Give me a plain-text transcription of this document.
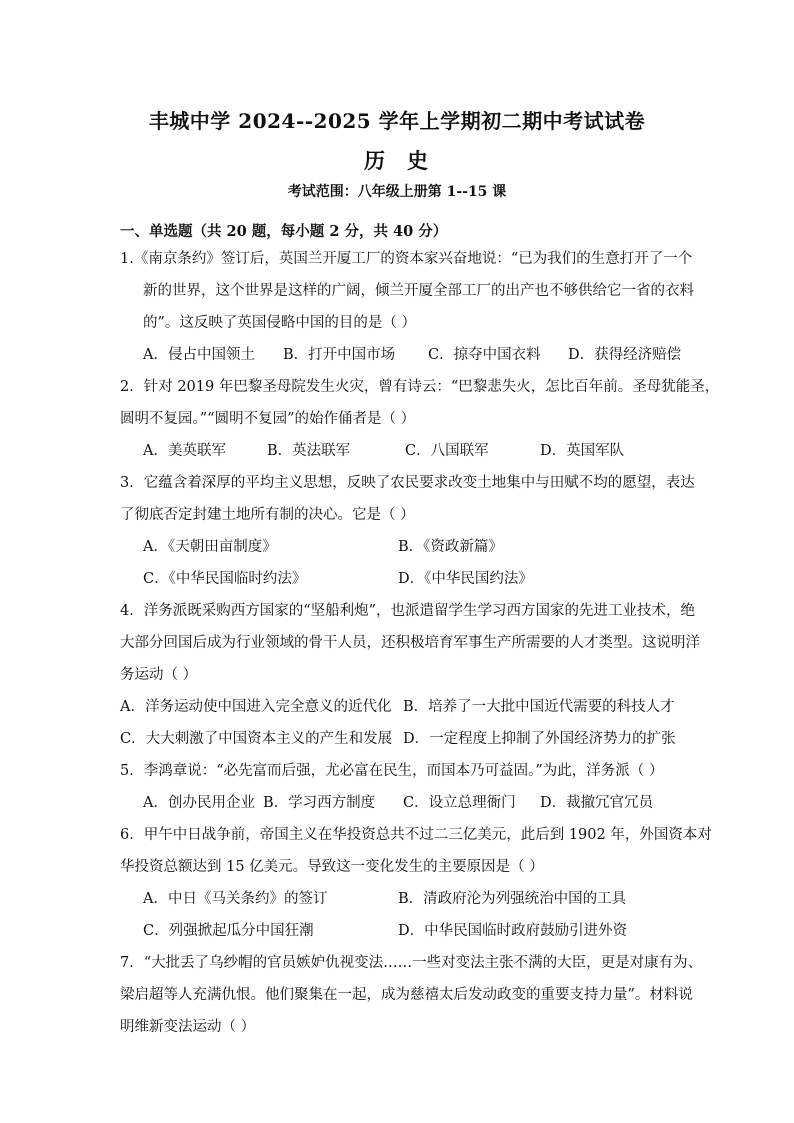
丰城中学 2024--2025 学年上学期初二期中考试试卷
历史
考试范围：八年级上册第 1--15 课
一、单选题（共 20 题，每小题 2 分，共 40 分）
1.《南京条约》签订后，英国兰开厦工厂的资本家兴奋地说：“已为我们的生意打开了一个
新的世界，这个世界是这样的广阔，倾兰开厦全部工厂的出产也不够供给它一省的衣料
的”。这反映了英国侵略中国的目的是（ ）
A．侵占中国领土 B．打开中国市场 C．掠夺中国衣料 D．获得经济赔偿
2．针对 2019 年巴黎圣母院发生火灾，曾有诗云：“巴黎悲失火，怎比百年前。圣母犹能圣，
圆明不复园。”“圆明不复园”的始作俑者是（ ）
A．美英联军	B．英法联军	C．八国联军	D．英国军队
3．它蕴含着深厚的平均主义思想，反映了农民要求改变土地集中与田赋不均的愿望，表达
了彻底否定封建土地所有制的决心。它是（ ）
A．《天朝田亩制度》	B．《资政新篇》
C．《中华民国临时约法》	D．《中华民国约法》
4．洋务派既采购西方国家的“坚船利炮”，也派遣留学生学习西方国家的先进工业技术，绝
大部分回国后成为行业领域的骨干人员，还积极培育军事生产所需要的人才类型。这说明洋
务运动（ ）
A．洋务运动使中国进入完全意义的近代化 B．培养了一大批中国近代需要的科技人才
C．大大刺激了中国资本主义的产生和发展 D．一定程度上抑制了外国经济势力的扩张
5．李鸿章说：“必先富而后强，尤必富在民生，而国本乃可益固。”为此，洋务派（ ）
A．创办民用企业 B．学习西方制度 C．设立总理衙门 D．裁撤冗官冗员
6．甲午中日战争前，帝国主义在华投资总共不过二三亿美元，此后到 1902 年，外国资本对
华投资总额达到 15 亿美元。导致这一变化发生的主要原因是（ ）
A．中日《马关条约》的签订	B．清政府沦为列强统治中国的工具
C．列强掀起瓜分中国狂潮	D．中华民国临时政府鼓励引进外资
7．“大批丢了乌纱帽的官员嫉妒仇视变法……一些对变法主张不满的大臣，更是对康有为、
梁启超等人充满仇恨。他们聚集在一起，成为慈禧太后发动政变的重要支持力量”。材料说
明维新变法运动（ ）
